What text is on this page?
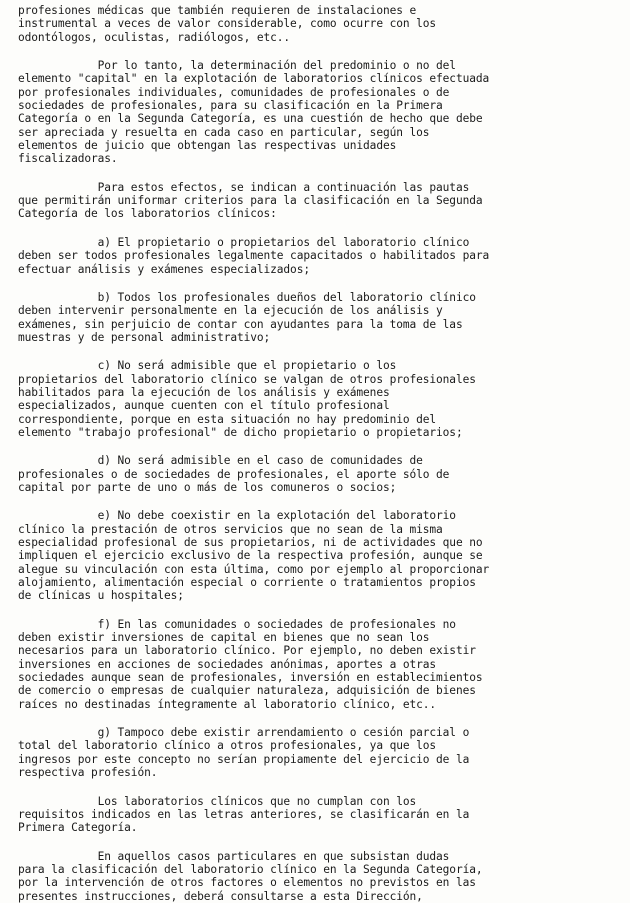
profesiones médicas que también requieren de instalaciones e
instrumental a veces de valor considerable, como ocurre con los
odontólogos, oculistas, radiólogos, etc..

Por lo tanto, la determinación del predominio o no del
elemento "capital" en la explotación de laboratorios clínicos efectuada
por profesionales individuales, comunidades de profesionales o de
sociedades de profesionales, para su clasificación en la Primera
Categoría o en la Segunda Categoría, es una cuestión de hecho que debe
ser apreciada y resuelta en cada caso en particular, según los
elementos de juicio que obtengan las respectivas unidades
fiscalizadoras.

Para estos efectos, se indican a continuación las pautas
que permitirán uniformar criterios para la clasificación en la Segunda
Categoría de los laboratorios clínicos:

a) El propietario o propietarios del laboratorio clínico
deben ser todos profesionales legalmente capacitados o habilitados para
efectuar análisis y exámenes especializados;

b) Todos los profesionales dueños del laboratorio clínico
deben intervenir personalmente en la ejecución de los análisis y
exámenes, sin perjuicio de contar con ayudantes para la toma de las
muestras y de personal administrativo;

c) No será admisible que el propietario o los
propietarios del laboratorio clínico se valgan de otros profesionales
habilitados para la ejecución de los análisis y exámenes
especializados, aunque cuenten con el título profesional
correspondiente, porque en esta situación no hay predominio del
elemento "trabajo profesional" de dicho propietario o propietarios;

d) No será admisible en el caso de comunidades de
profesionales o de sociedades de profesionales, el aporte sólo de
capital por parte de uno o más de los comuneros o socios;

e) No debe coexistir en la explotación del laboratorio
clínico la prestación de otros servicios que no sean de la misma
especialidad profesional de sus propietarios, ni de actividades que no
impliquen el ejercicio exclusivo de la respectiva profesión, aunque se
alegue su vinculación con esta última, como por ejemplo al proporcionar
alojamiento, alimentación especial o corriente o tratamientos propios
de clínicas u hospitales;

f) En las comunidades o sociedades de profesionales no
deben existir inversiones de capital en bienes que no sean los
necesarios para un laboratorio clínico. Por ejemplo, no deben existir
inversiones en acciones de sociedades anónimas, aportes a otras
sociedades aunque sean de profesionales, inversión en establecimientos
de comercio o empresas de cualquier naturaleza, adquisición de bienes
raíces no destinadas íntegramente al laboratorio clínico, etc..

g) Tampoco debe existir arrendamiento o cesión parcial o
total del laboratorio clínico a otros profesionales, ya que los
ingresos por este concepto no serían propiamente del ejercicio de la
respectiva profesión.

Los laboratorios clínicos que no cumplan con los
requisitos indicados en las letras anteriores, se clasificarán en la
Primera Categoría.

En aquellos casos particulares en que subsistan dudas
para la clasificación del laboratorio clínico en la Segunda Categoría,
por la intervención de otros factores o elementos no previstos en las
presentes instrucciones, deberá consultarse a esta Dirección,
